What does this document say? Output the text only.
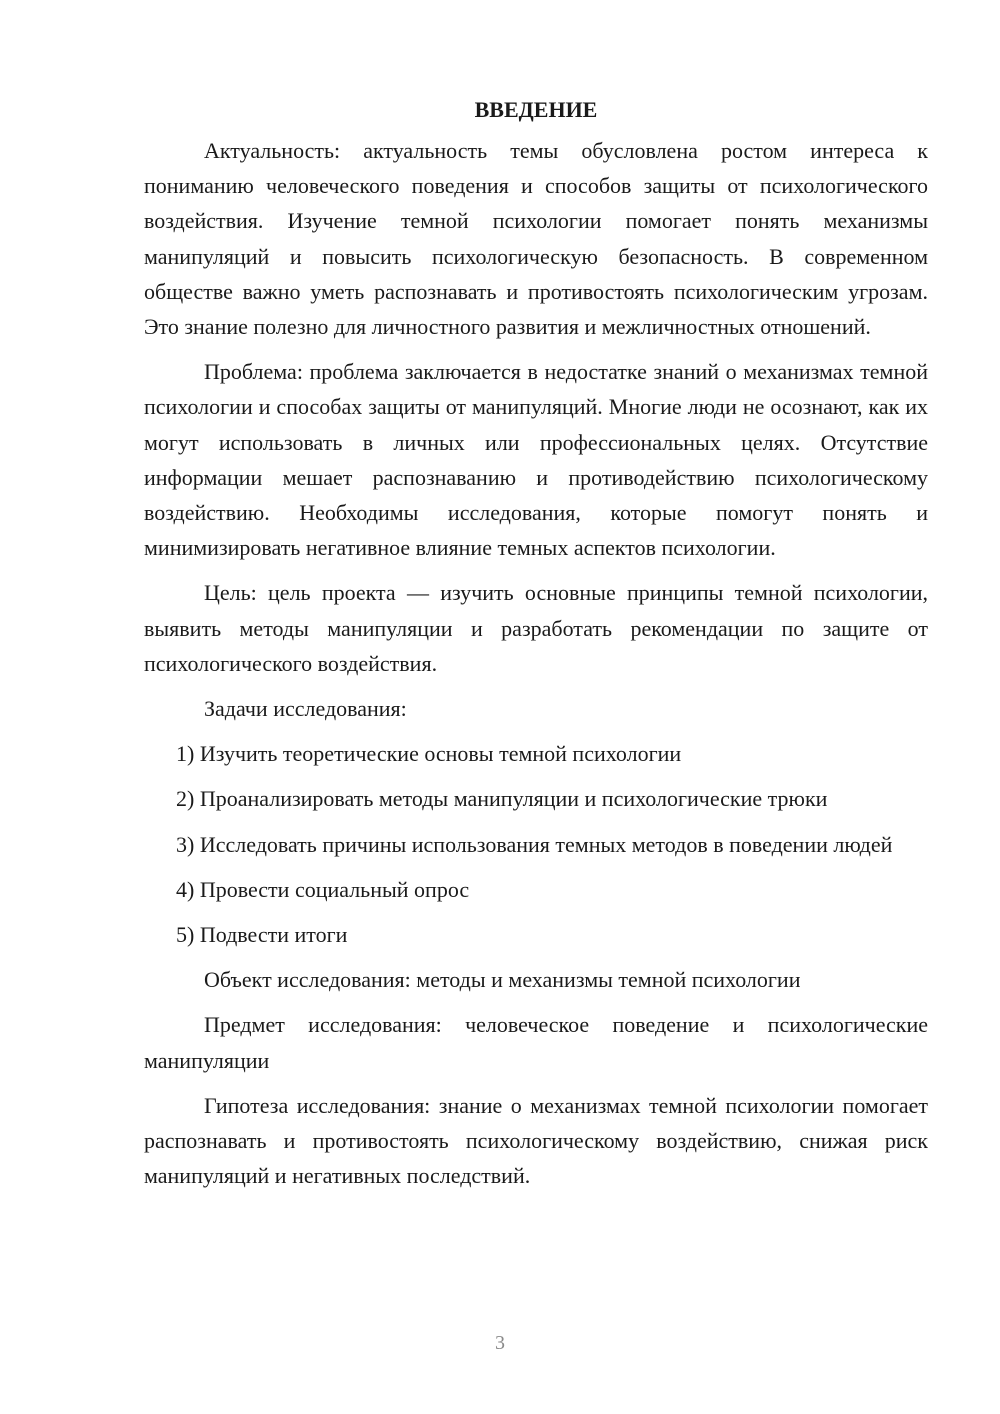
ВВЕДЕНИЕ

Актуальность: актуальность темы обусловлена ростом интереса к пониманию человеческого поведения и способов защиты от психологического воздействия. Изучение темной психологии помогает понять механизмы манипуляций и повысить психологическую безопасность. В современном обществе важно уметь распознавать и противостоять психологическим угрозам. Это знание полезно для личностного развития и межличностных отношений.

Проблема: проблема заключается в недостатке знаний о механизмах темной психологии и способах защиты от манипуляций. Многие люди не осознают, как их могут использовать в личных или профессиональных целях. Отсутствие информации мешает распознаванию и противодействию психологическому воздействию. Необходимы исследования, которые помогут понять и минимизировать негативное влияние темных аспектов психологии.

Цель: цель проекта — изучить основные принципы темной психологии, выявить методы манипуляции и разработать рекомендации по защите от психологического воздействия.

Задачи исследования:

1) Изучить теоретические основы темной психологии

2) Проанализировать методы манипуляции и психологические трюки

3) Исследовать причины использования темных методов в поведении людей

4) Провести социальный опрос

5) Подвести итоги

Объект исследования: методы и механизмы темной психологии

Предмет исследования: человеческое поведение и психологические манипуляции

Гипотеза исследования: знание о механизмах темной психологии помогает распознавать и противостоять психологическому воздействию, снижая риск манипуляций и негативных последствий.

3
